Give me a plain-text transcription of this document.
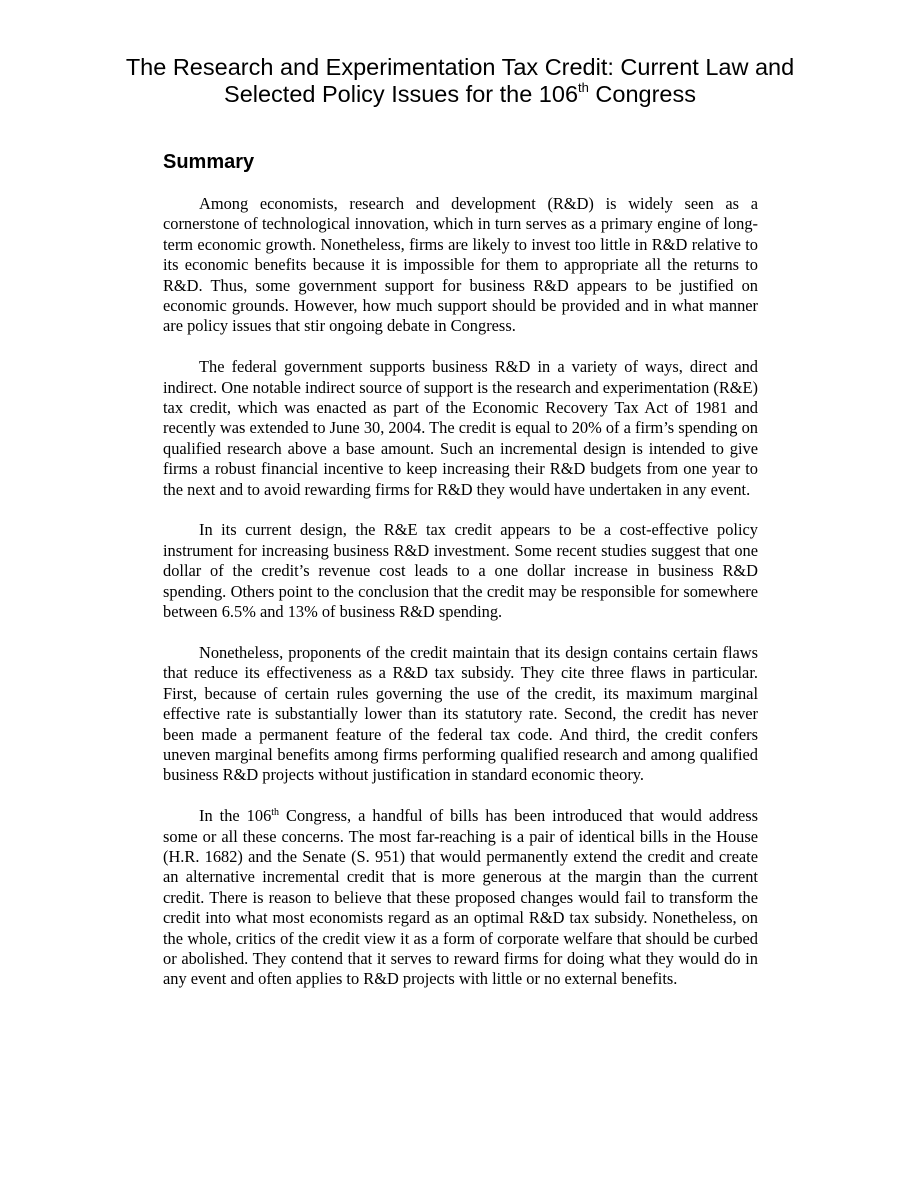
The Research and Experimentation Tax Credit: Current Law and Selected Policy Issues for the 106th Congress
Summary

Among economists, research and development (R&D) is widely seen as a cornerstone of technological innovation, which in turn serves as a primary engine of long-term economic growth. Nonetheless, firms are likely to invest too little in R&D relative to its economic benefits because it is impossible for them to appropriate all the returns to R&D. Thus, some government support for business R&D appears to be justified on economic grounds. However, how much support should be provided and in what manner are policy issues that stir ongoing debate in Congress.

The federal government supports business R&D in a variety of ways, direct and indirect. One notable indirect source of support is the research and experimentation (R&E) tax credit, which was enacted as part of the Economic Recovery Tax Act of 1981 and recently was extended to June 30, 2004. The credit is equal to 20% of a firm’s spending on qualified research above a base amount. Such an incremental design is intended to give firms a robust financial incentive to keep increasing their R&D budgets from one year to the next and to avoid rewarding firms for R&D they would have undertaken in any event.

In its current design, the R&E tax credit appears to be a cost-effective policy instrument for increasing business R&D investment. Some recent studies suggest that one dollar of the credit’s revenue cost leads to a one dollar increase in business R&D spending. Others point to the conclusion that the credit may be responsible for somewhere between 6.5% and 13% of business R&D spending.

Nonetheless, proponents of the credit maintain that its design contains certain flaws that reduce its effectiveness as a R&D tax subsidy. They cite three flaws in particular. First, because of certain rules governing the use of the credit, its maximum marginal effective rate is substantially lower than its statutory rate. Second, the credit has never been made a permanent feature of the federal tax code. And third, the credit confers uneven marginal benefits among firms performing qualified research and among qualified business R&D projects without justification in standard economic theory.

In the 106th Congress, a handful of bills has been introduced that would address some or all these concerns. The most far-reaching is a pair of identical bills in the House (H.R. 1682) and the Senate (S. 951) that would permanently extend the credit and create an alternative incremental credit that is more generous at the margin than the current credit. There is reason to believe that these proposed changes would fail to transform the credit into what most economists regard as an optimal R&D tax subsidy. Nonetheless, on the whole, critics of the credit view it as a form of corporate welfare that should be curbed or abolished. They contend that it serves to reward firms for doing what they would do in any event and often applies to R&D projects with little or no external benefits.
